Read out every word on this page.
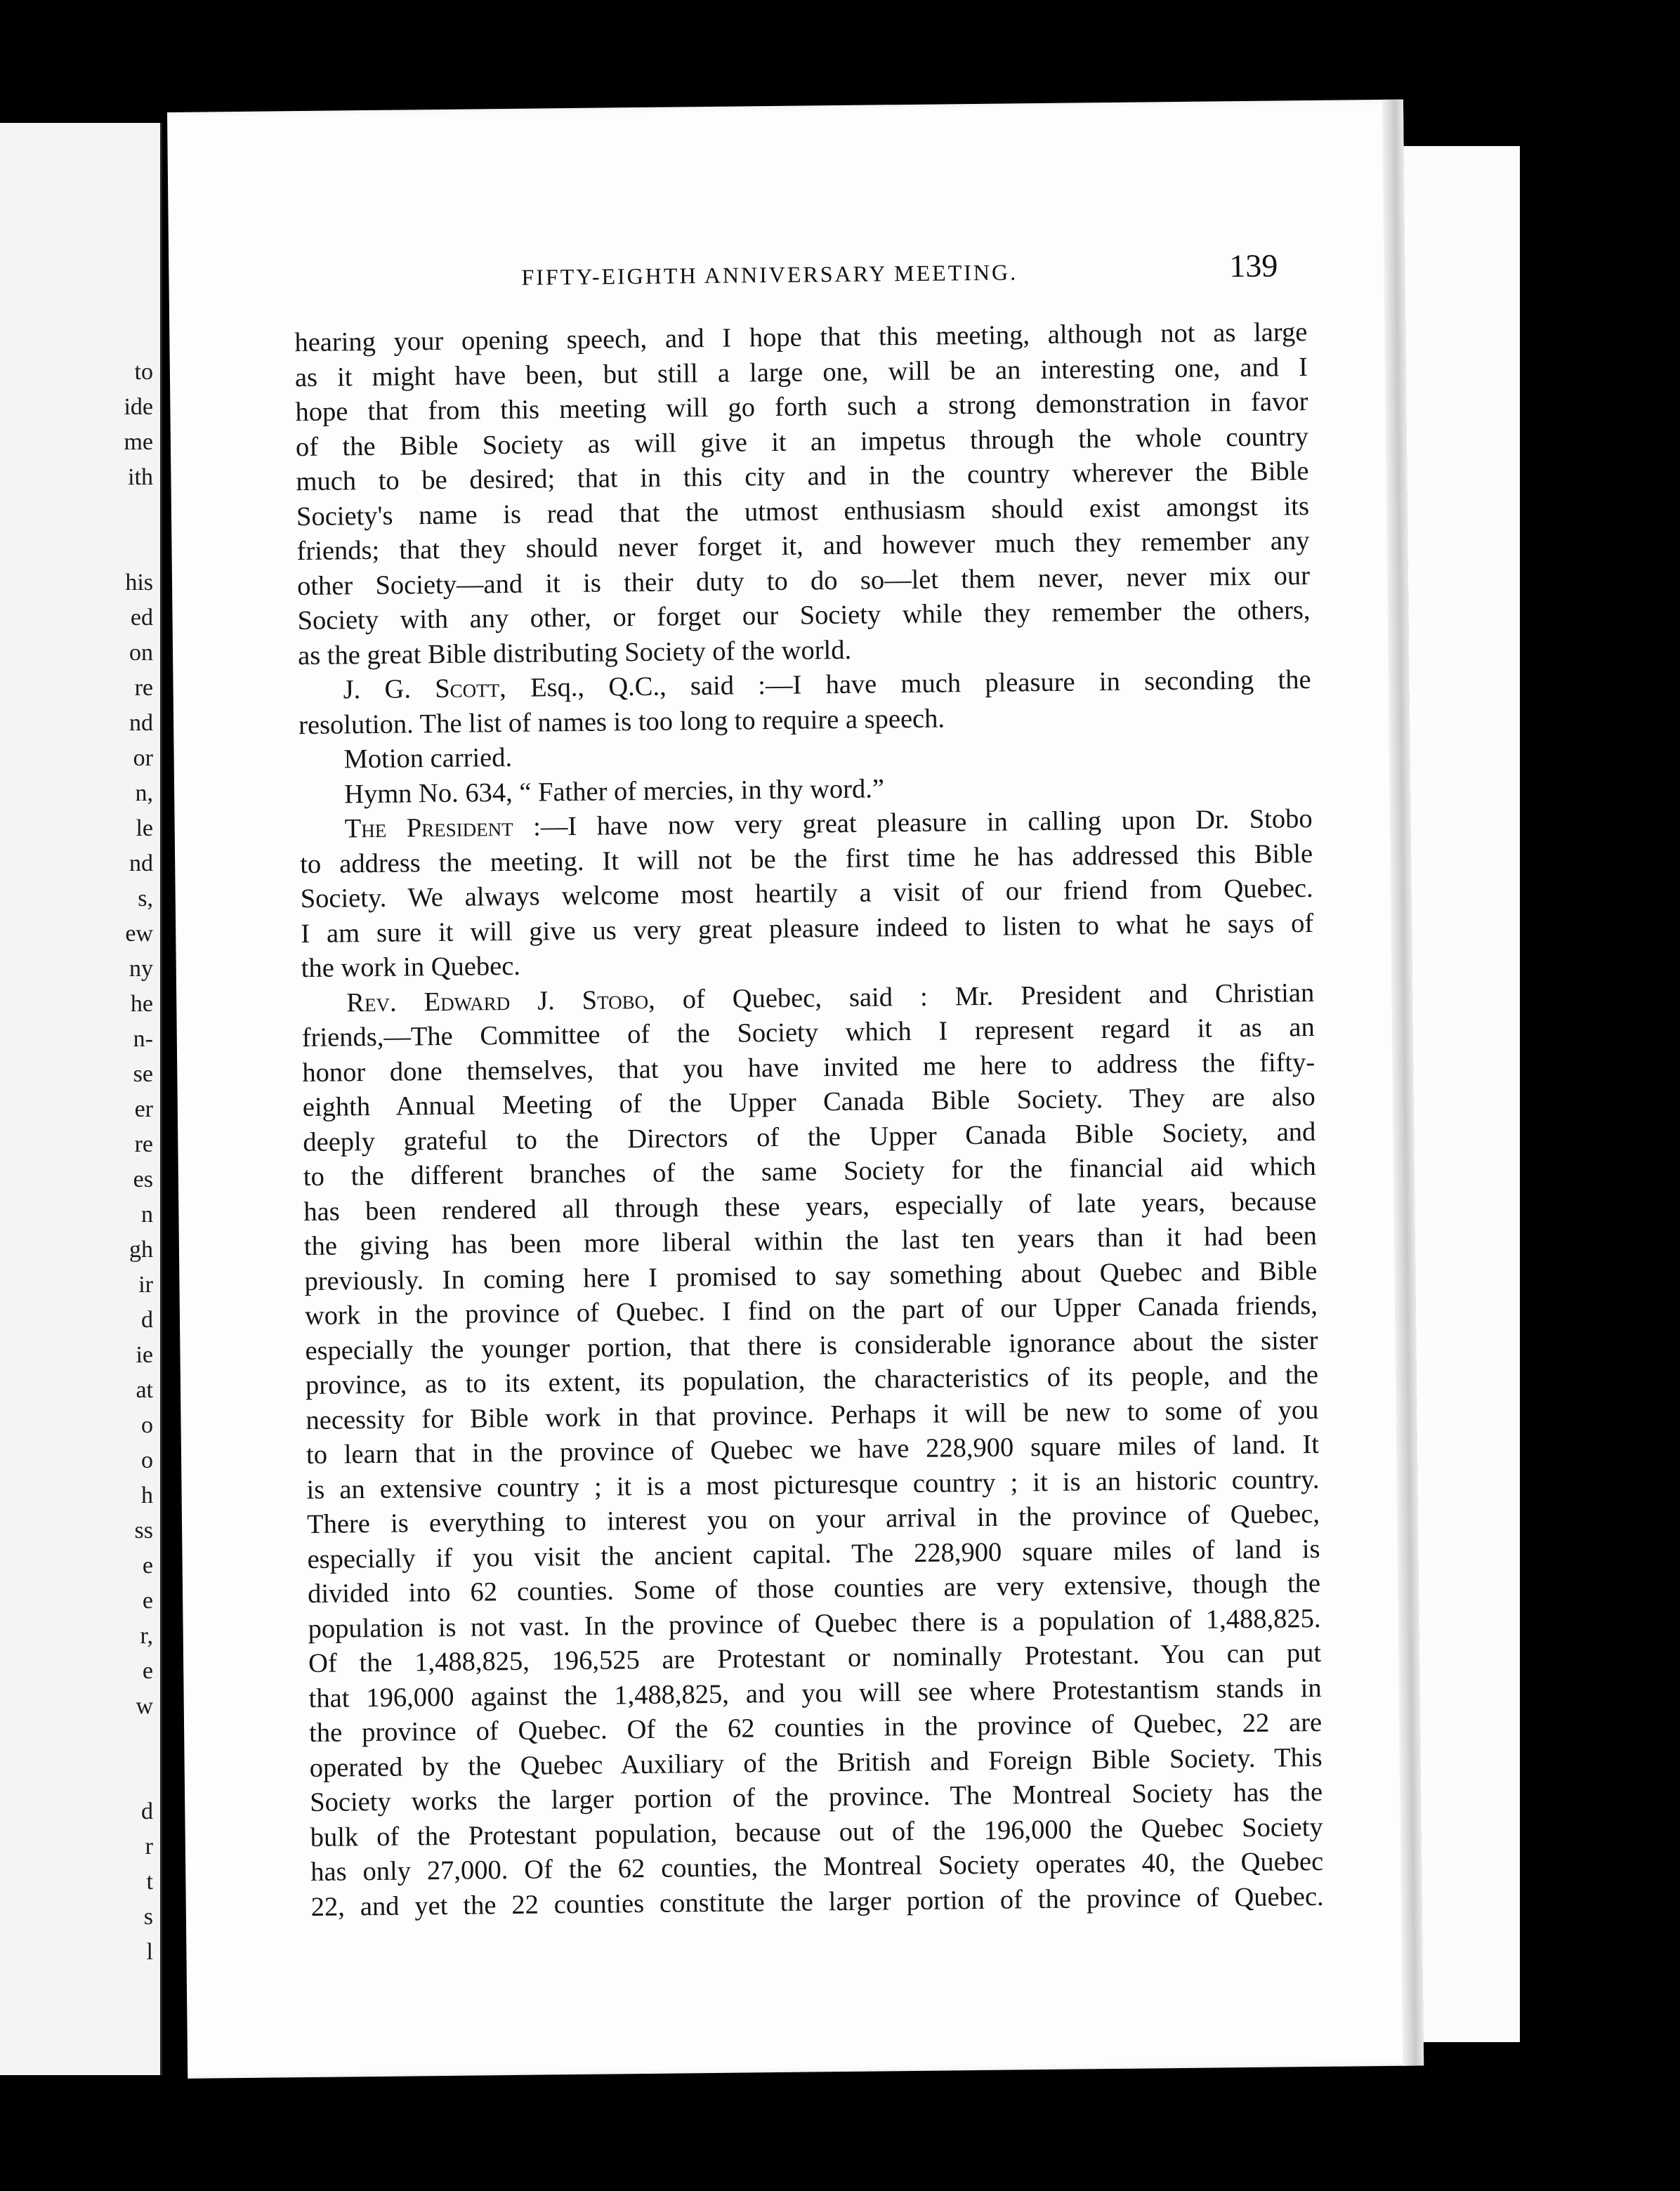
to
ide
me
ith
his
ed
on
re
nd
or
n,
le
nd
s,
ew
ny
he
n-
se
er
re
es
n
gh
ir
d
ie
at
o
o
h
ss
e
e
r,
e
w
d
r
t
s
l
FIFTY-EIGHTH ANNIVERSARY MEETING.	139
hearing your opening speech, and I hope that this meeting, although not as large
as it might have been, but still a large one, will be an interesting one, and I
hope that from this meeting will go forth such a strong demonstration in favor
of the Bible Society as will give it an impetus through the whole country
much to be desired; that in this city and in the country wherever the Bible
Society's name is read that the utmost enthusiasm should exist amongst its
friends; that they should never forget it, and however much they remember any
other Society—and it is their duty to do so—let them never, never mix our
Society with any other, or forget our Society while they remember the others,
as the great Bible distributing Society of the world.
J. G. Scott, Esq., Q.C., said :—I have much pleasure in seconding the
resolution. The list of names is too long to require a speech.
Motion carried.
Hymn No. 634, “ Father of mercies, in thy word.”
The President :—I have now very great pleasure in calling upon Dr. Stobo
to address the meeting. It will not be the first time he has addressed this Bible
Society. We always welcome most heartily a visit of our friend from Quebec.
I am sure it will give us very great pleasure indeed to listen to what he says of
the work in Quebec.
Rev. Edward J. Stobo, of Quebec, said : Mr. President and Christian
friends,—The Committee of the Society which I represent regard it as an
honor done themselves, that you have invited me here to address the fifty-
eighth Annual Meeting of the Upper Canada Bible Society. They are also
deeply grateful to the Directors of the Upper Canada Bible Society, and
to the different branches of the same Society for the financial aid which
has been rendered all through these years, especially of late years, because
the giving has been more liberal within the last ten years than it had been
previously. In coming here I promised to say something about Quebec and Bible
work in the province of Quebec. I find on the part of our Upper Canada friends,
especially the younger portion, that there is considerable ignorance about the sister
province, as to its extent, its population, the characteristics of its people, and the
necessity for Bible work in that province. Perhaps it will be new to some of you
to learn that in the province of Quebec we have 228,900 square miles of land. It
is an extensive country ; it is a most picturesque country ; it is an historic country.
There is everything to interest you on your arrival in the province of Quebec,
especially if you visit the ancient capital. The 228,900 square miles of land is
divided into 62 counties. Some of those counties are very extensive, though the
population is not vast. In the province of Quebec there is a population of 1,488,825.
Of the 1,488,825, 196,525 are Protestant or nominally Protestant. You can put
that 196,000 against the 1,488,825, and you will see where Protestantism stands in
the province of Quebec. Of the 62 counties in the province of Quebec, 22 are
operated by the Quebec Auxiliary of the British and Foreign Bible Society. This
Society works the larger portion of the province. The Montreal Society has the
bulk of the Protestant population, because out of the 196,000 the Quebec Society
has only 27,000. Of the 62 counties, the Montreal Society operates 40, the Quebec
22, and yet the 22 counties constitute the larger portion of the province of Quebec.
